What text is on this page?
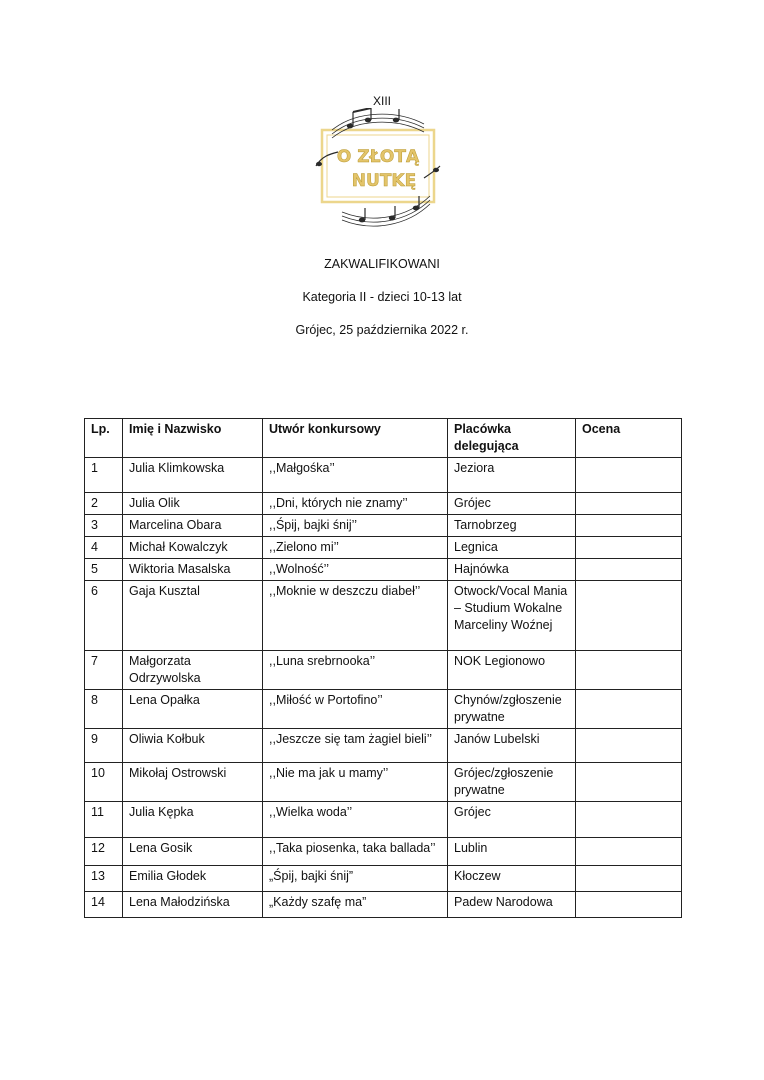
XIII
O ZŁOTĄ
NUTKĘ
ZAKWALIFIKOWANI
Kategoria II - dzieci 10-13 lat
Grójec, 25 października 2022 r.
Lp.	Imię i Nazwisko	Utwór konkursowy	Placówka delegująca	Ocena
1	Julia Klimkowska	,,Małgośka’’	Jeziora	
2	Julia Olik	,,Dni, których nie znamy’’	Grójec	
3	Marcelina Obara	,,Śpij, bajki śnij’’	Tarnobrzeg	
4	Michał Kowalczyk	,,Zielono mi’’	Legnica	
5	Wiktoria Masalska	,,Wolność’’	Hajnówka	
6	Gaja Kusztal	,,Moknie w deszczu diabeł’’	Otwock/Vocal Mania – Studium Wokalne Marceliny Woźnej	
7	Małgorzata Odrzywolska	,,Luna srebrnooka’’	NOK Legionowo	
8	Lena Opałka	,,Miłość w Portofino’’	Chynów/zgłoszenie prywatne	
9	Oliwia Kołbuk	,,Jeszcze się tam żagiel bieli’’	Janów Lubelski	
10	Mikołaj Ostrowski	,,Nie ma jak u mamy’’	Grójec/zgłoszenie prywatne	
11	Julia Kępka	,,Wielka woda’’	Grójec	
12	Lena Gosik	,,Taka piosenka, taka ballada’’	Lublin	
13	Emilia Głodek	„Śpij, bajki śnij”	Kłoczew	
14	Lena Małodzińska	„Każdy szafę ma”	Padew Narodowa	
